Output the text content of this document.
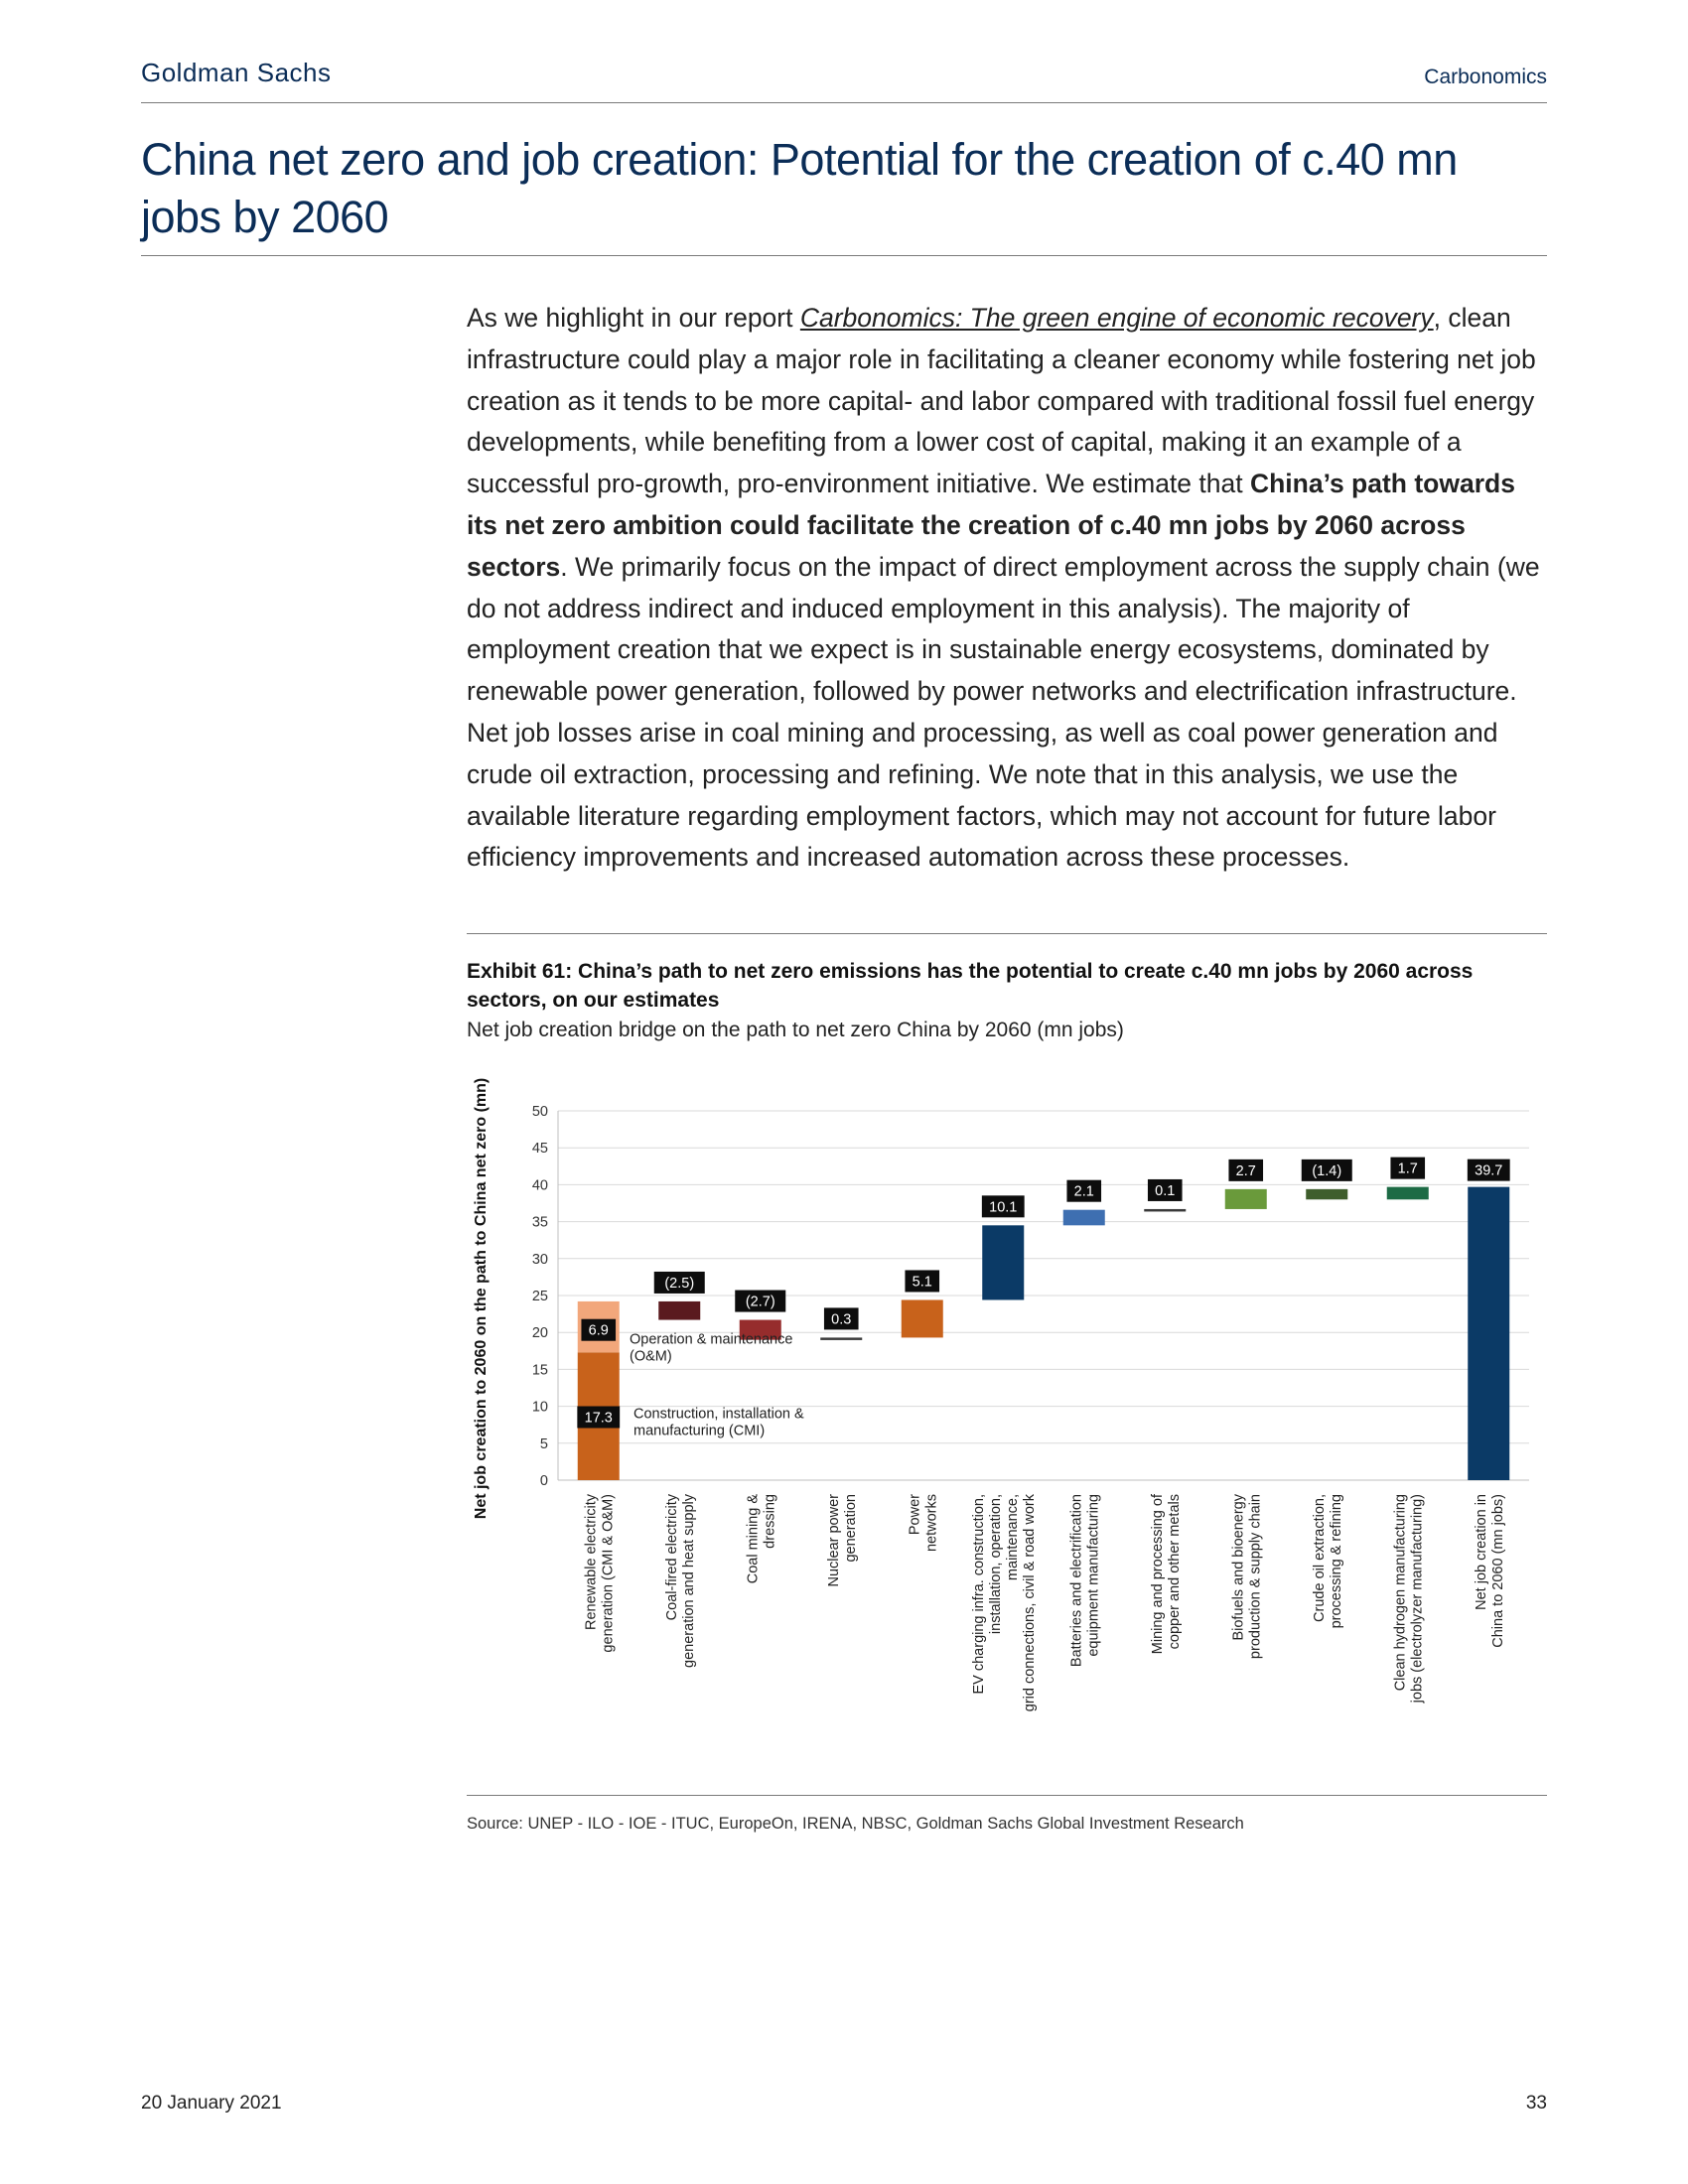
Goldman Sachs	Carbonomics
China net zero and job creation: Potential for the creation of c.40 mn jobs by 2060
As we highlight in our report Carbonomics: The green engine of economic recovery, clean infrastructure could play a major role in facilitating a cleaner economy while fostering net job creation as it tends to be more capital- and labor compared with traditional fossil fuel energy developments, while benefiting from a lower cost of capital, making it an example of a successful pro-growth, pro-environment initiative. We estimate that China’s path towards its net zero ambition could facilitate the creation of c.40 mn jobs by 2060 across sectors. We primarily focus on the impact of direct employment across the supply chain (we do not address indirect and induced employment in this analysis). The majority of employment creation that we expect is in sustainable energy ecosystems, dominated by renewable power generation, followed by power networks and electrification infrastructure. Net job losses arise in coal mining and processing, as well as coal power generation and crude oil extraction, processing and refining. We note that in this analysis, we use the available literature regarding employment factors, which may not account for future labor efficiency improvements and increased automation across these processes.
Exhibit 61: China’s path to net zero emissions has the potential to create c.40 mn jobs by 2060 across sectors, on our estimates
Net job creation bridge on the path to net zero China by 2060 (mn jobs)
0
5
10
15
20
25
30
35
40
45
50
17.3
6.9
(2.5)
(2.7)
0.3
5.1
10.1
2.1	0.1
2.7	(1.4)	1.7	39.7
Renewable electricity generation (CMI & O&M)	Coal-fired electricity generation and heat supply	Coal mining & dressing	Nuclear power generation	Power networks EV charging infra. construction, installation, operation, maintenance, grid connections, civil & road work Batteries and electrification equipment manufacturing	Mining and processing of copper and other metals	Biofuels and bioenergy production & supply chain	Crude oil extraction, processing & refining	Clean hydrogen manufacturing jobs (electrolyzer manufacturing)	Net job creation in China to 2060 (mn jobs)
Operation & maintenance
(O&M)
Construction, installation &
manufacturing (CMI)
Net job creation to 2060 on the path to China net zero (mn)
Source: UNEP - ILO - IOE - ITUC, EuropeOn, IRENA, NBSC, Goldman Sachs Global Investment Research
20 January 2021	33
